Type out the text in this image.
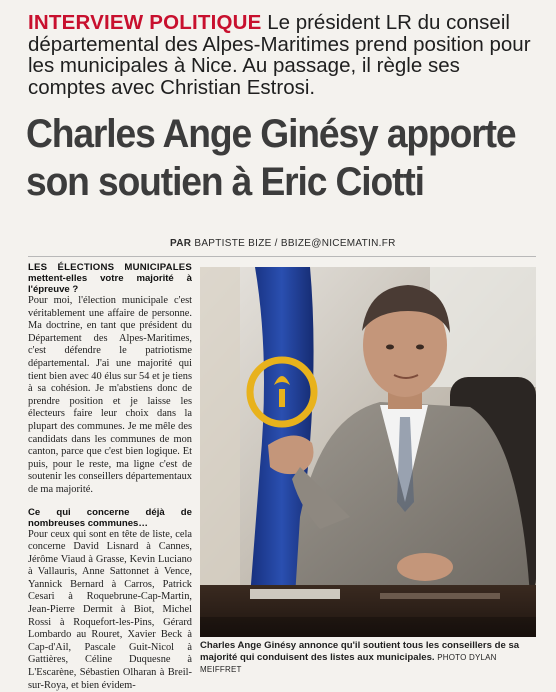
INTERVIEW POLITIQUE Le président LR du conseil départemental des Alpes-Maritimes prend position pour les municipales à Nice. Au passage, il règle ses comptes avec Christian Estrosi.
Charles Ange Ginésy apporte
son soutien à Eric Ciotti
PAR BAPTISTE BIZE / BBIZE@NICEMATIN.FR

LES ÉLECTIONS MUNICIPALES mettent-elles votre majorité à l'épreuve ?

Pour moi, l'élection municipale c'est véritablement une affaire de personne. Ma doctrine, en tant que président du Département des Alpes-Maritimes, c'est défendre le patriotisme départemental. J'ai une majorité qui tient bien avec 40 élus sur 54 et je tiens à sa cohésion. Je m'abstiens donc de prendre position et je laisse les électeurs faire leur choix dans la plupart des communes. Je me mêle des candidats dans les communes de mon canton, parce que c'est bien logique. Et puis, pour le reste, ma ligne c'est de soutenir les conseillers départementaux de ma majorité.

Ce qui concerne déjà de nombreuses communes…

Pour ceux qui sont en tête de liste, cela concerne David Lisnard à Cannes, Jérôme Viaud à Grasse, Kevin Luciano à Vallauris, Anne Sattonnet à Vence, Yannick Bernard à Carros, Patrick Cesari à Roquebrune-Cap-Martin, Jean-Pierre Dermit à Biot, Michel Rossi à Roquefort-les-Pins, Gérard Lombardo au Rouret, Xavier Beck à Cap-d'Ail, Pascale Guit-Nicol à Gattières, Céline Duquesne à L'Escarène, Sébastien Olharan à Breil-sur-Roya, et bien évidem-

Charles Ange Ginésy annonce qu'il soutient tous les conseillers de sa majorité qui conduisent des listes aux municipales. PHOTO DYLAN MEIFFRET
